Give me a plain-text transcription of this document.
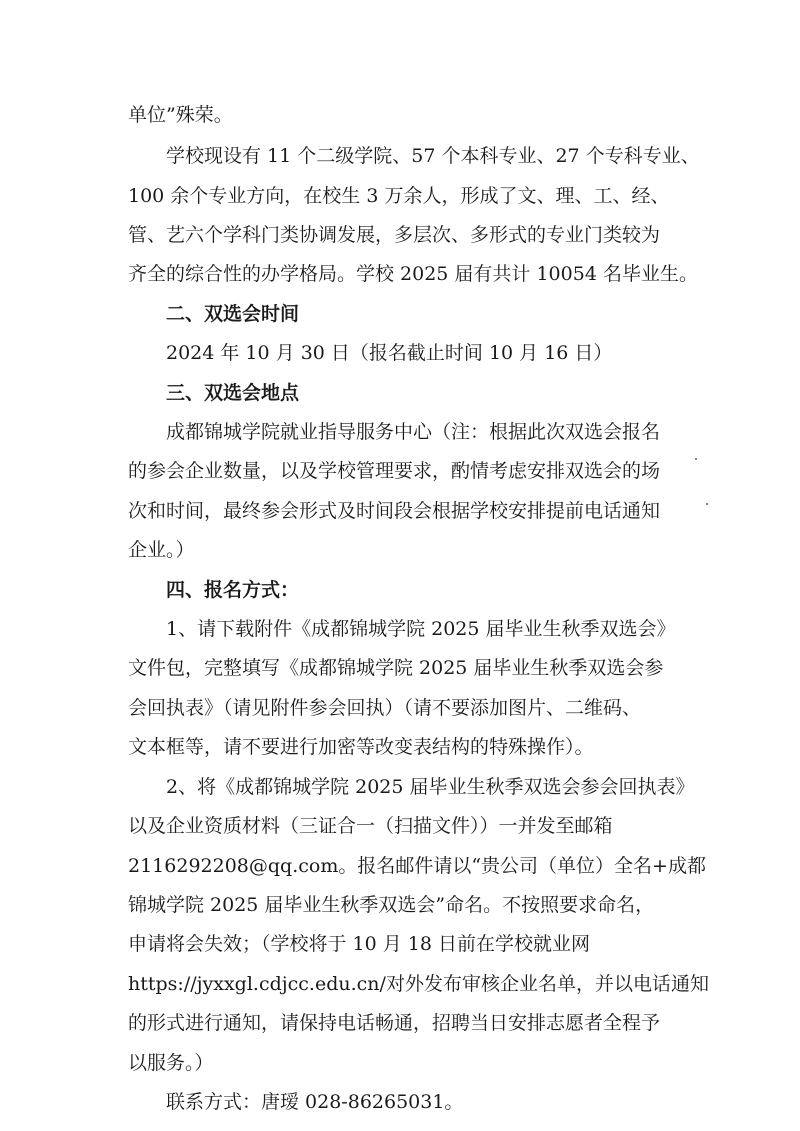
单位”殊荣。
学校现设有 11 个二级学院、57 个本科专业、27 个专科专业、
100 余个专业方向，在校生 3 万余人，形成了文、理、工、经、
管、艺六个学科门类协调发展，多层次、多形式的专业门类较为
齐全的综合性的办学格局。学校 2025 届有共计 10054 名毕业生。
二、双选会时间
2024 年 10 月 30 日（报名截止时间 10 月 16 日）
三、双选会地点
成都锦城学院就业指导服务中心（注：根据此次双选会报名
的参会企业数量，以及学校管理要求，酌情考虑安排双选会的场
次和时间，最终参会形式及时间段会根据学校安排提前电话通知
企业。）
四、报名方式：
1、请下载附件《成都锦城学院 2025 届毕业生秋季双选会》
文件包，完整填写《成都锦城学院 2025 届毕业生秋季双选会参
会回执表》（请见附件参会回执）（请不要添加图片、二维码、
文本框等，请不要进行加密等改变表结构的特殊操作）。
2、将《成都锦城学院 2025 届毕业生秋季双选会参会回执表》
以及企业资质材料（三证合一（扫描文件））一并发至邮箱
2116292208@qq.com。报名邮件请以“贵公司（单位）全名+成都
锦城学院 2025 届毕业生秋季双选会”命名。不按照要求命名，
申请将会失效；（学校将于 10 月 18 日前在学校就业网
https://jyxxgl.cdjcc.edu.cn/对外发布审核企业名单，并以电话通知
的形式进行通知，请保持电话畅通，招聘当日安排志愿者全程予
以服务。）
联系方式：唐瑷 028-86265031。
